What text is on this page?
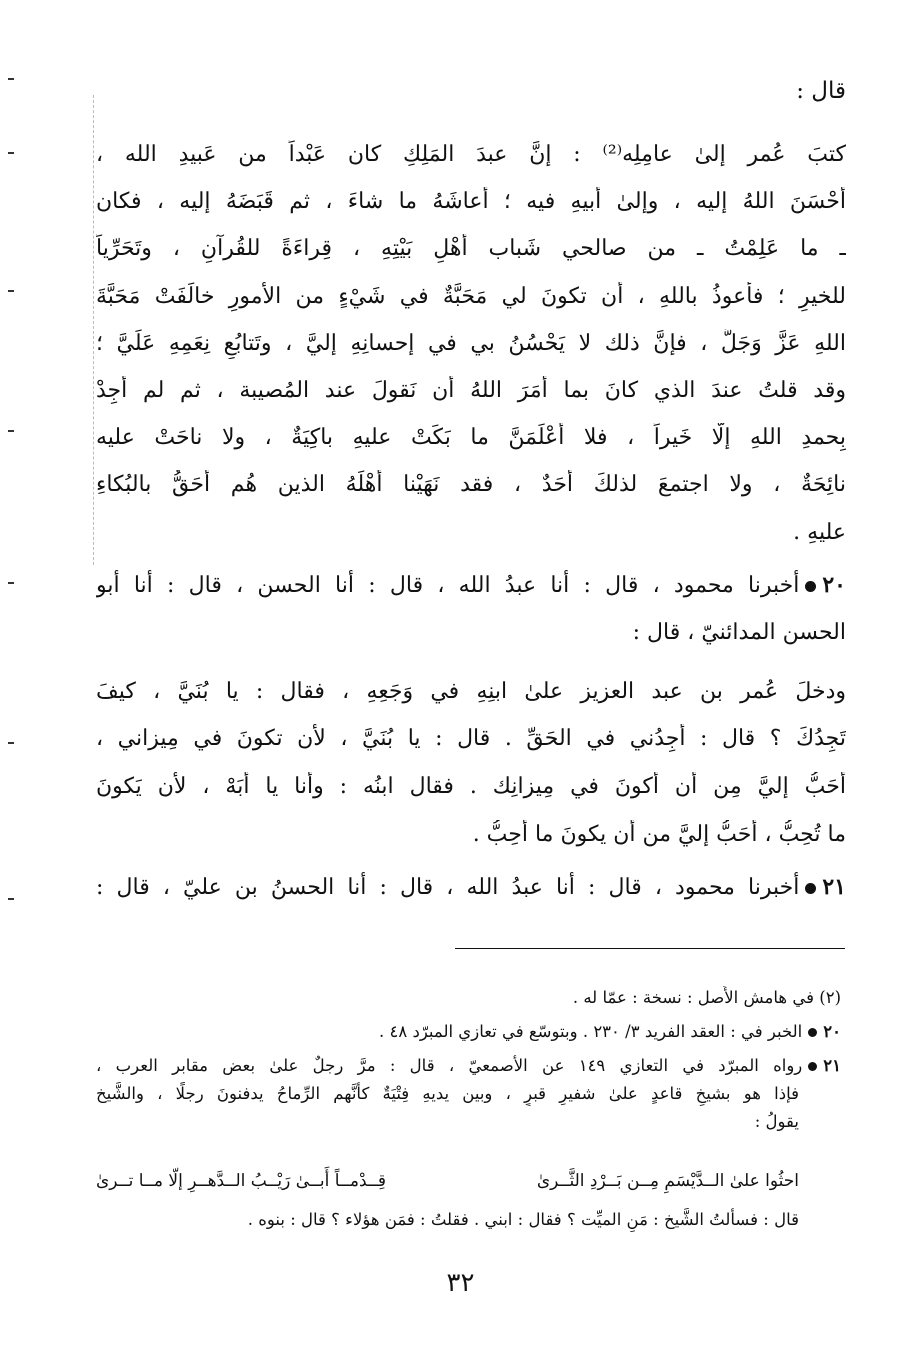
قال :
كتبَ عُمر إلىٰ عامِلِه⁽²⁾ : إنَّ عبدَ المَلِكِ كان عَبْداً من عَبيدِ الله ،
أَحْسَنَ اللهُ إليه ، وإلىٰ أَبيهِ فيه ؛ أعاشَهُ ما شاءَ ، ثم قَبَضَهُ إليه ، فكان
ـ ما عَلِمْتُ ـ من صالحي شَباب أَهْلِ بَيْتِهِ ، قِراءَةً للقُرآنِ ، وتَحَرِّياً
للخيرِ ؛ فأعوذُ باللهِ ، أَن تكونَ لي مَحَبَّةٌ في شَيْءٍ من الأمورِ خالَفَتْ مَحَبَّةَ
اللهِ عَزَّ وَجَلَّ ، فإنَّ ذلك لا يَحْسُنُ بي في إحسانِهِ إليَّ ، وتَتابُعِ نِعَمِهِ عَلَيَّ ؛
وقد قلتُ عندَ الذي كانَ بما أَمَرَ اللهُ أن نَقولَ عند المُصيبة ، ثم لم أجِدْ
بِحمدِ اللهِ إلّا خَيراً ، فلا أَعْلَمَنَّ ما بَكَتْ عليهِ باكِيَةٌ ، ولا ناحَتْ عليه
نائِحَةٌ ، ولا اجتمعَ لذلكَ أَحَدٌ ، فقد نَهَيْنا أَهْلَهُ الذين هُم أَحَقُّ بالبُكاءِ
عليهِ .
٢٠أَخبرنا محمود ، قال : أَنا عبدُ الله ، قال : أَنا الحسن ، قال : أَنا أَبو
الحسن المدائنيّ ، قال :
ودخلَ عُمر بن عبد العزيز علىٰ ابنِهِ في وَجَعِهِ ، فقال : يا بُنَيَّ ، كيفَ
تَجِدُكَ ؟ قال : أَجِدُني في الحَقِّ . قال : يا بُنَيَّ ، لأَن تكونَ في مِيزاني ،
أَحَبُّ إليَّ مِن أن أكونَ في مِيزانِك . فقال ابنُه : وأنا يا أَبَهْ ، لأن يَكونَ
ما تُحِبُّ ، أَحَبُّ إليَّ من أن يكونَ ما أُحِبُّ .
٢١أَخبرنا محمود ، قال : أَنا عبدُ الله ، قال : أَنا الحسنُ بن عليّ ، قال :
(٢) في هامش الأَصل : نسخة : عمّا له .
٢٠الخبر في : العقد الفريد ٣/ ٢٣٠ . وبتوسّع في تعازي المبرّد ٤٨ .
٢١رواه المبرّد في التعازي ١٤٩ عن الأصمعيّ ، قال : مرَّ رجلٌ علىٰ بعض مقابر العرب ،
فإذا هو بشيخٍ قاعدٍ علىٰ شفيرِ قبرٍ ، وبين يديهِ فِتْيَةٌ كأَنَّهم الرِّماحُ يدفنونَ رجلًا ، والشَّيخ
يقولُ :
قِــدْمــاً أَبــىٰ رَيْــبُ الــدَّهــرِ إلّا مــا تــرىٰ	احثُوا علىٰ الــدَّيْسَمِ مِــن بَــرْدِ الثَّــرىٰ
قال : فسأَلتُ الشَّيخ : مَنِ الميِّت ؟ فقال : ابني . فقلتُ : فمَن هؤلاء ؟ قال : بنوه .
٣٢
